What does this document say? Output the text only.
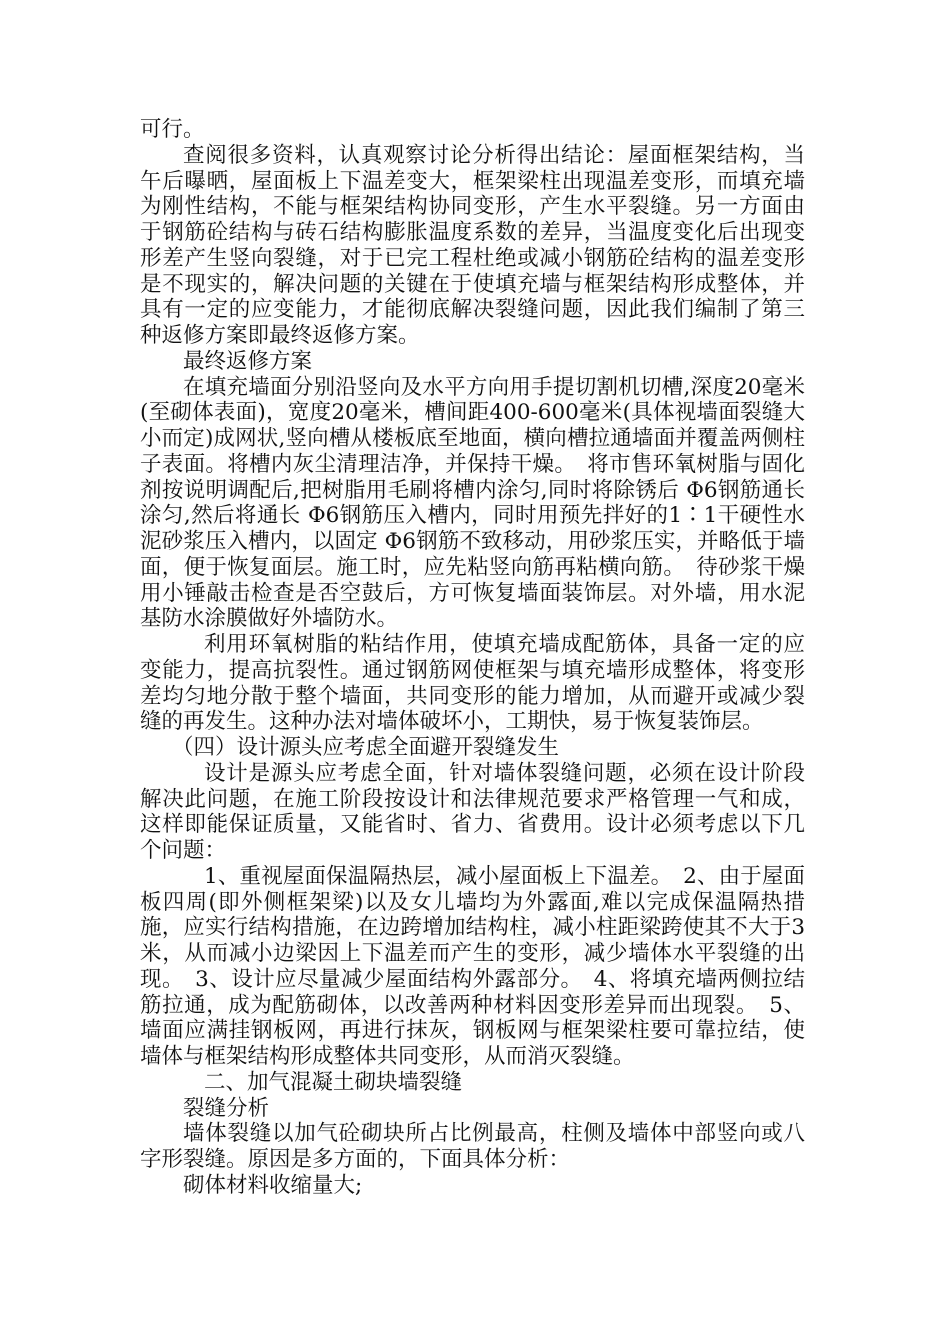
可行。

查阅很多资料，认真观察讨论分析得出结论：屋面框架结构，当午后曝晒，屋面板上下温差变大，框架梁柱出现温差变形，而填充墙为刚性结构，不能与框架结构协同变形，产生水平裂缝。另一方面由于钢筋砼结构与砖石结构膨胀温度系数的差异，当温度变化后出现变形差产生竖向裂缝，对于已完工程杜绝或减小钢筋砼结构的温差变形是不现实的，解决问题的关键在于使填充墙与框架结构形成整体，并具有一定的应变能力，才能彻底解决裂缝问题，因此我们编制了第三种返修方案即最终返修方案。

最终返修方案

在填充墙面分别沿竖向及水平方向用手提切割机切槽,深度20毫米(至砌体表面)，宽度20毫米，槽间距400-600毫米(具体视墙面裂缝大小而定)成网状,竖向槽从楼板底至地面，横向槽拉通墙面并覆盖两侧柱子表面。将槽内灰尘清理洁净，并保持干燥。　将市售环氧树脂与固化剂按说明调配后,把树脂用毛刷将槽内涂匀,同时将除锈后 Φ6钢筋通长涂匀,然后将通长 Φ6钢筋压入槽内，同时用预先拌好的1∶1干硬性水泥砂浆压入槽内，以固定 Φ6钢筋不致移动，用砂浆压实，并略低于墙面，便于恢复面层。施工时，应先粘竖向筋再粘横向筋。　待砂浆干燥用小锤敲击检查是否空鼓后，方可恢复墙面装饰层。对外墙，用水泥基防水涂膜做好外墙防水。

利用环氧树脂的粘结作用，使填充墙成配筋体，具备一定的应变能力，提高抗裂性。通过钢筋网使框架与填充墙形成整体，将变形差均匀地分散于整个墙面，共同变形的能力增加，从而避开或减少裂缝的再发生。这种办法对墙体破坏小，工期快，易于恢复装饰层。

（四）设计源头应考虑全面避开裂缝发生

设计是源头应考虑全面，针对墙体裂缝问题，必须在设计阶段解决此问题，在施工阶段按设计和法律规范要求严格管理一气和成，这样即能保证质量，又能省时、省力、省费用。设计必须考虑以下几个问题：

1、重视屋面保温隔热层，减小屋面板上下温差。　2、由于屋面板四周(即外侧框架梁)以及女儿墙均为外露面,难以完成保温隔热措施，应实行结构措施，在边跨增加结构柱，减小柱距梁跨使其不大于3米，从而减小边梁因上下温差而产生的变形，减少墙体水平裂缝的出现。　3、设计应尽量减少屋面结构外露部分。　4、将填充墙两侧拉结筋拉通，成为配筋砌体，以改善两种材料因变形差异而出现裂。　5、墙面应满挂钢板网，再进行抹灰，钢板网与框架梁柱要可靠拉结，使墙体与框架结构形成整体共同变形，从而消灭裂缝。

二、加气混凝土砌块墙裂缝

裂缝分析

墙体裂缝以加气砼砌块所占比例最高，柱侧及墙体中部竖向或八字形裂缝。原因是多方面的，下面具体分析：

砌体材料收缩量大;
